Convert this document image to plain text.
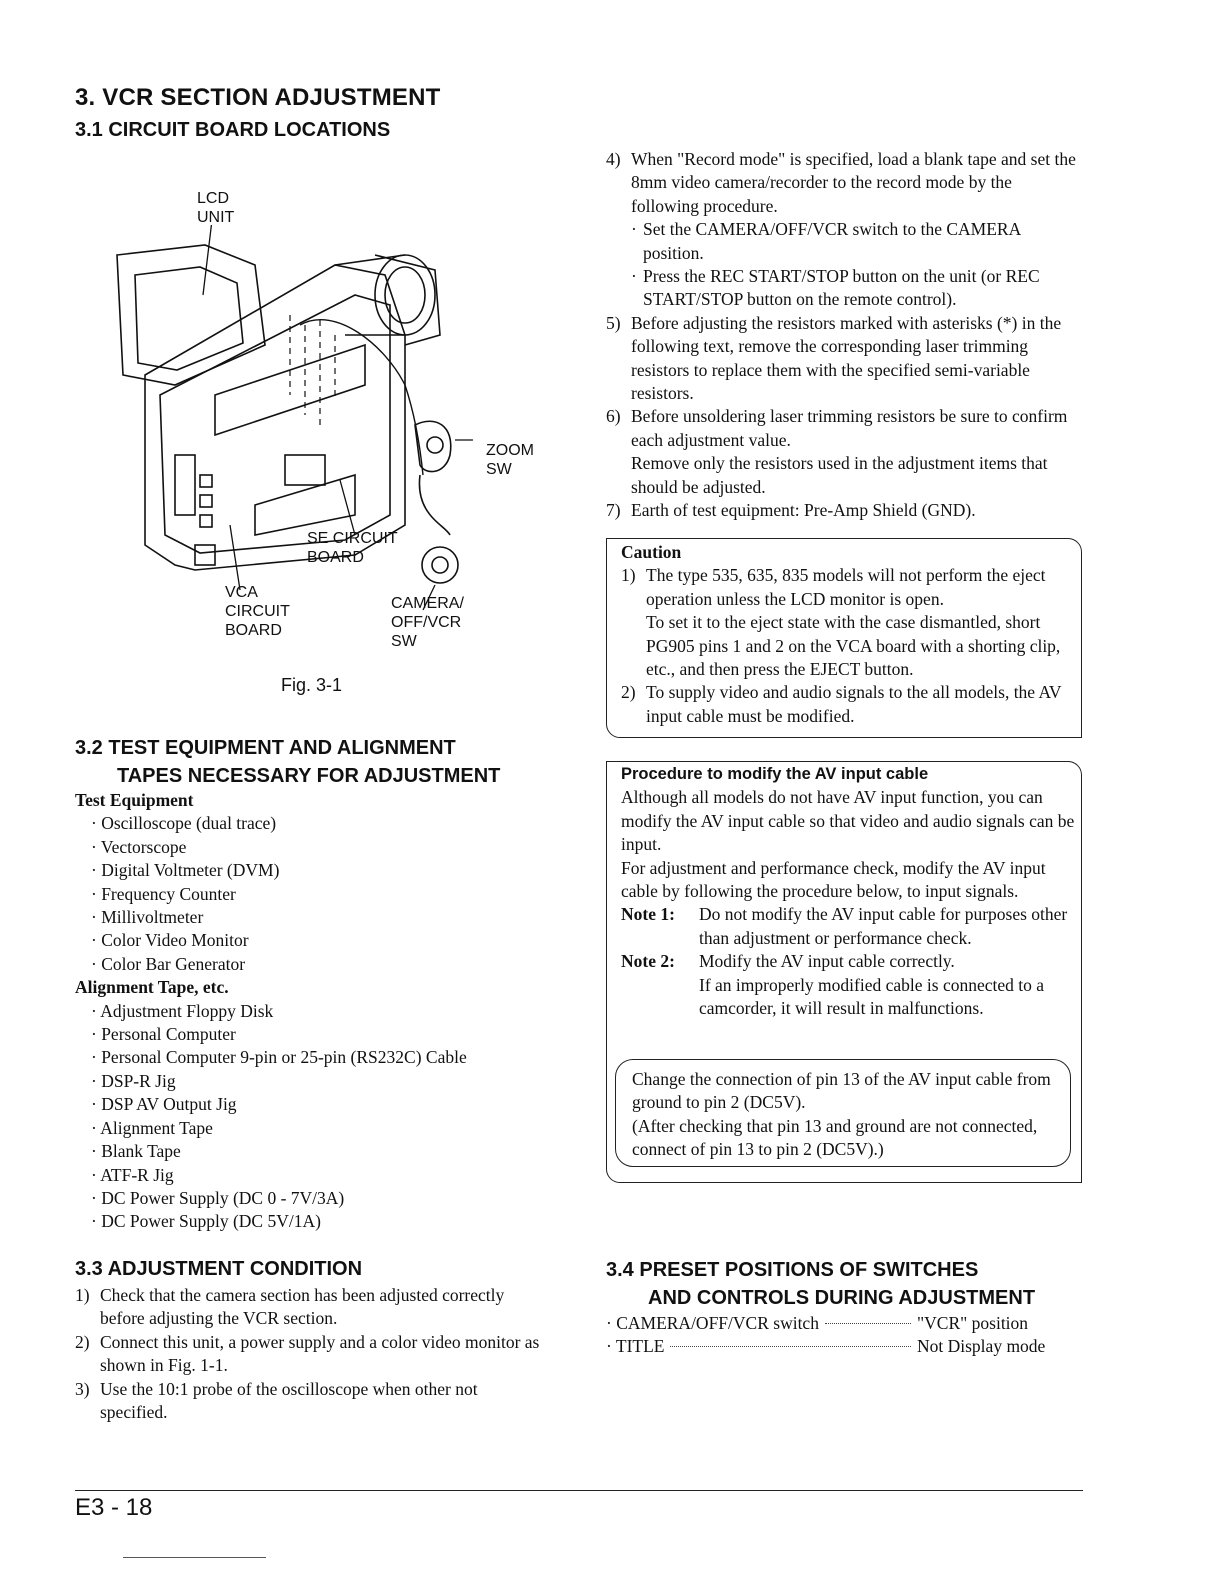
3. VCR SECTION ADJUSTMENT
3.1 CIRCUIT BOARD LOCATIONS
LCD
UNIT
ZOOM
SW
SE CIRCUIT
BOARD
VCA
CIRCUIT
BOARD
CAMERA/
OFF/VCR
SW
Fig. 3-1
3.2 TEST EQUIPMENT AND ALIGNMENT
TAPES NECESSARY FOR ADJUSTMENT
Test Equipment
· Oscilloscope (dual trace)
· Vectorscope
· Digital Voltmeter (DVM)
· Frequency Counter
· Millivoltmeter
· Color Video Monitor
· Color Bar Generator
Alignment Tape, etc.
· Adjustment Floppy Disk
· Personal Computer
· Personal Computer 9-pin or 25-pin (RS232C) Cable
· DSP-R Jig
· DSP AV Output Jig
· Alignment Tape
· Blank Tape
· ATF-R Jig
· DC Power Supply (DC 0 - 7V/3A)
· DC Power Supply (DC 5V/1A)
3.3 ADJUSTMENT CONDITION
1) Check that the camera section has been adjusted correctly before adjusting the VCR section.
2) Connect this unit, a power supply and a color video monitor as shown in Fig. 1-1.
3) Use the 10:1 probe of the oscilloscope when other not specified.
4) When "Record mode" is specified, load a blank tape and set the 8mm video camera/recorder to the record mode by the following procedure.
· Set the CAMERA/OFF/VCR switch to the CAMERA position.
· Press the REC START/STOP button on the unit (or REC START/STOP button on the remote control).
5) Before adjusting the resistors marked with asterisks (*) in the following text, remove the corresponding laser trimming resistors to replace them with the specified semi-variable resistors.
6) Before unsoldering laser trimming resistors be sure to confirm each adjustment value.
Remove only the resistors used in the adjustment items that should be adjusted.
7) Earth of test equipment: Pre-Amp Shield (GND).
Caution
1) The type 535, 635, 835 models will not perform the eject operation unless the LCD monitor is open.
To set it to the eject state with the case dismantled, short PG905 pins 1 and 2 on the VCA board with a shorting clip, etc., and then press the EJECT button.
2) To supply video and audio signals to the all models, the AV input cable must be modified.
Procedure to modify the AV input cable
Although all models do not have AV input function, you can modify the AV input cable so that video and audio signals can be input.
For adjustment and performance check, modify the AV input cable by following the procedure below, to input signals.
Note 1:	Do not modify the AV input cable for purposes other than adjustment or performance check.
Note 2:	Modify the AV input cable correctly.
If an improperly modified cable is connected to a camcorder, it will result in malfunctions.
Change the connection of pin 13 of the AV input cable from ground to pin 2 (DC5V).
(After checking that pin 13 and ground are not connected, connect of pin 13 to pin 2 (DC5V).)
3.4 PRESET POSITIONS OF SWITCHES
AND CONTROLS DURING ADJUSTMENT
· CAMERA/OFF/VCR switch	"VCR" position
· TITLE	Not Display mode
E3 - 18
